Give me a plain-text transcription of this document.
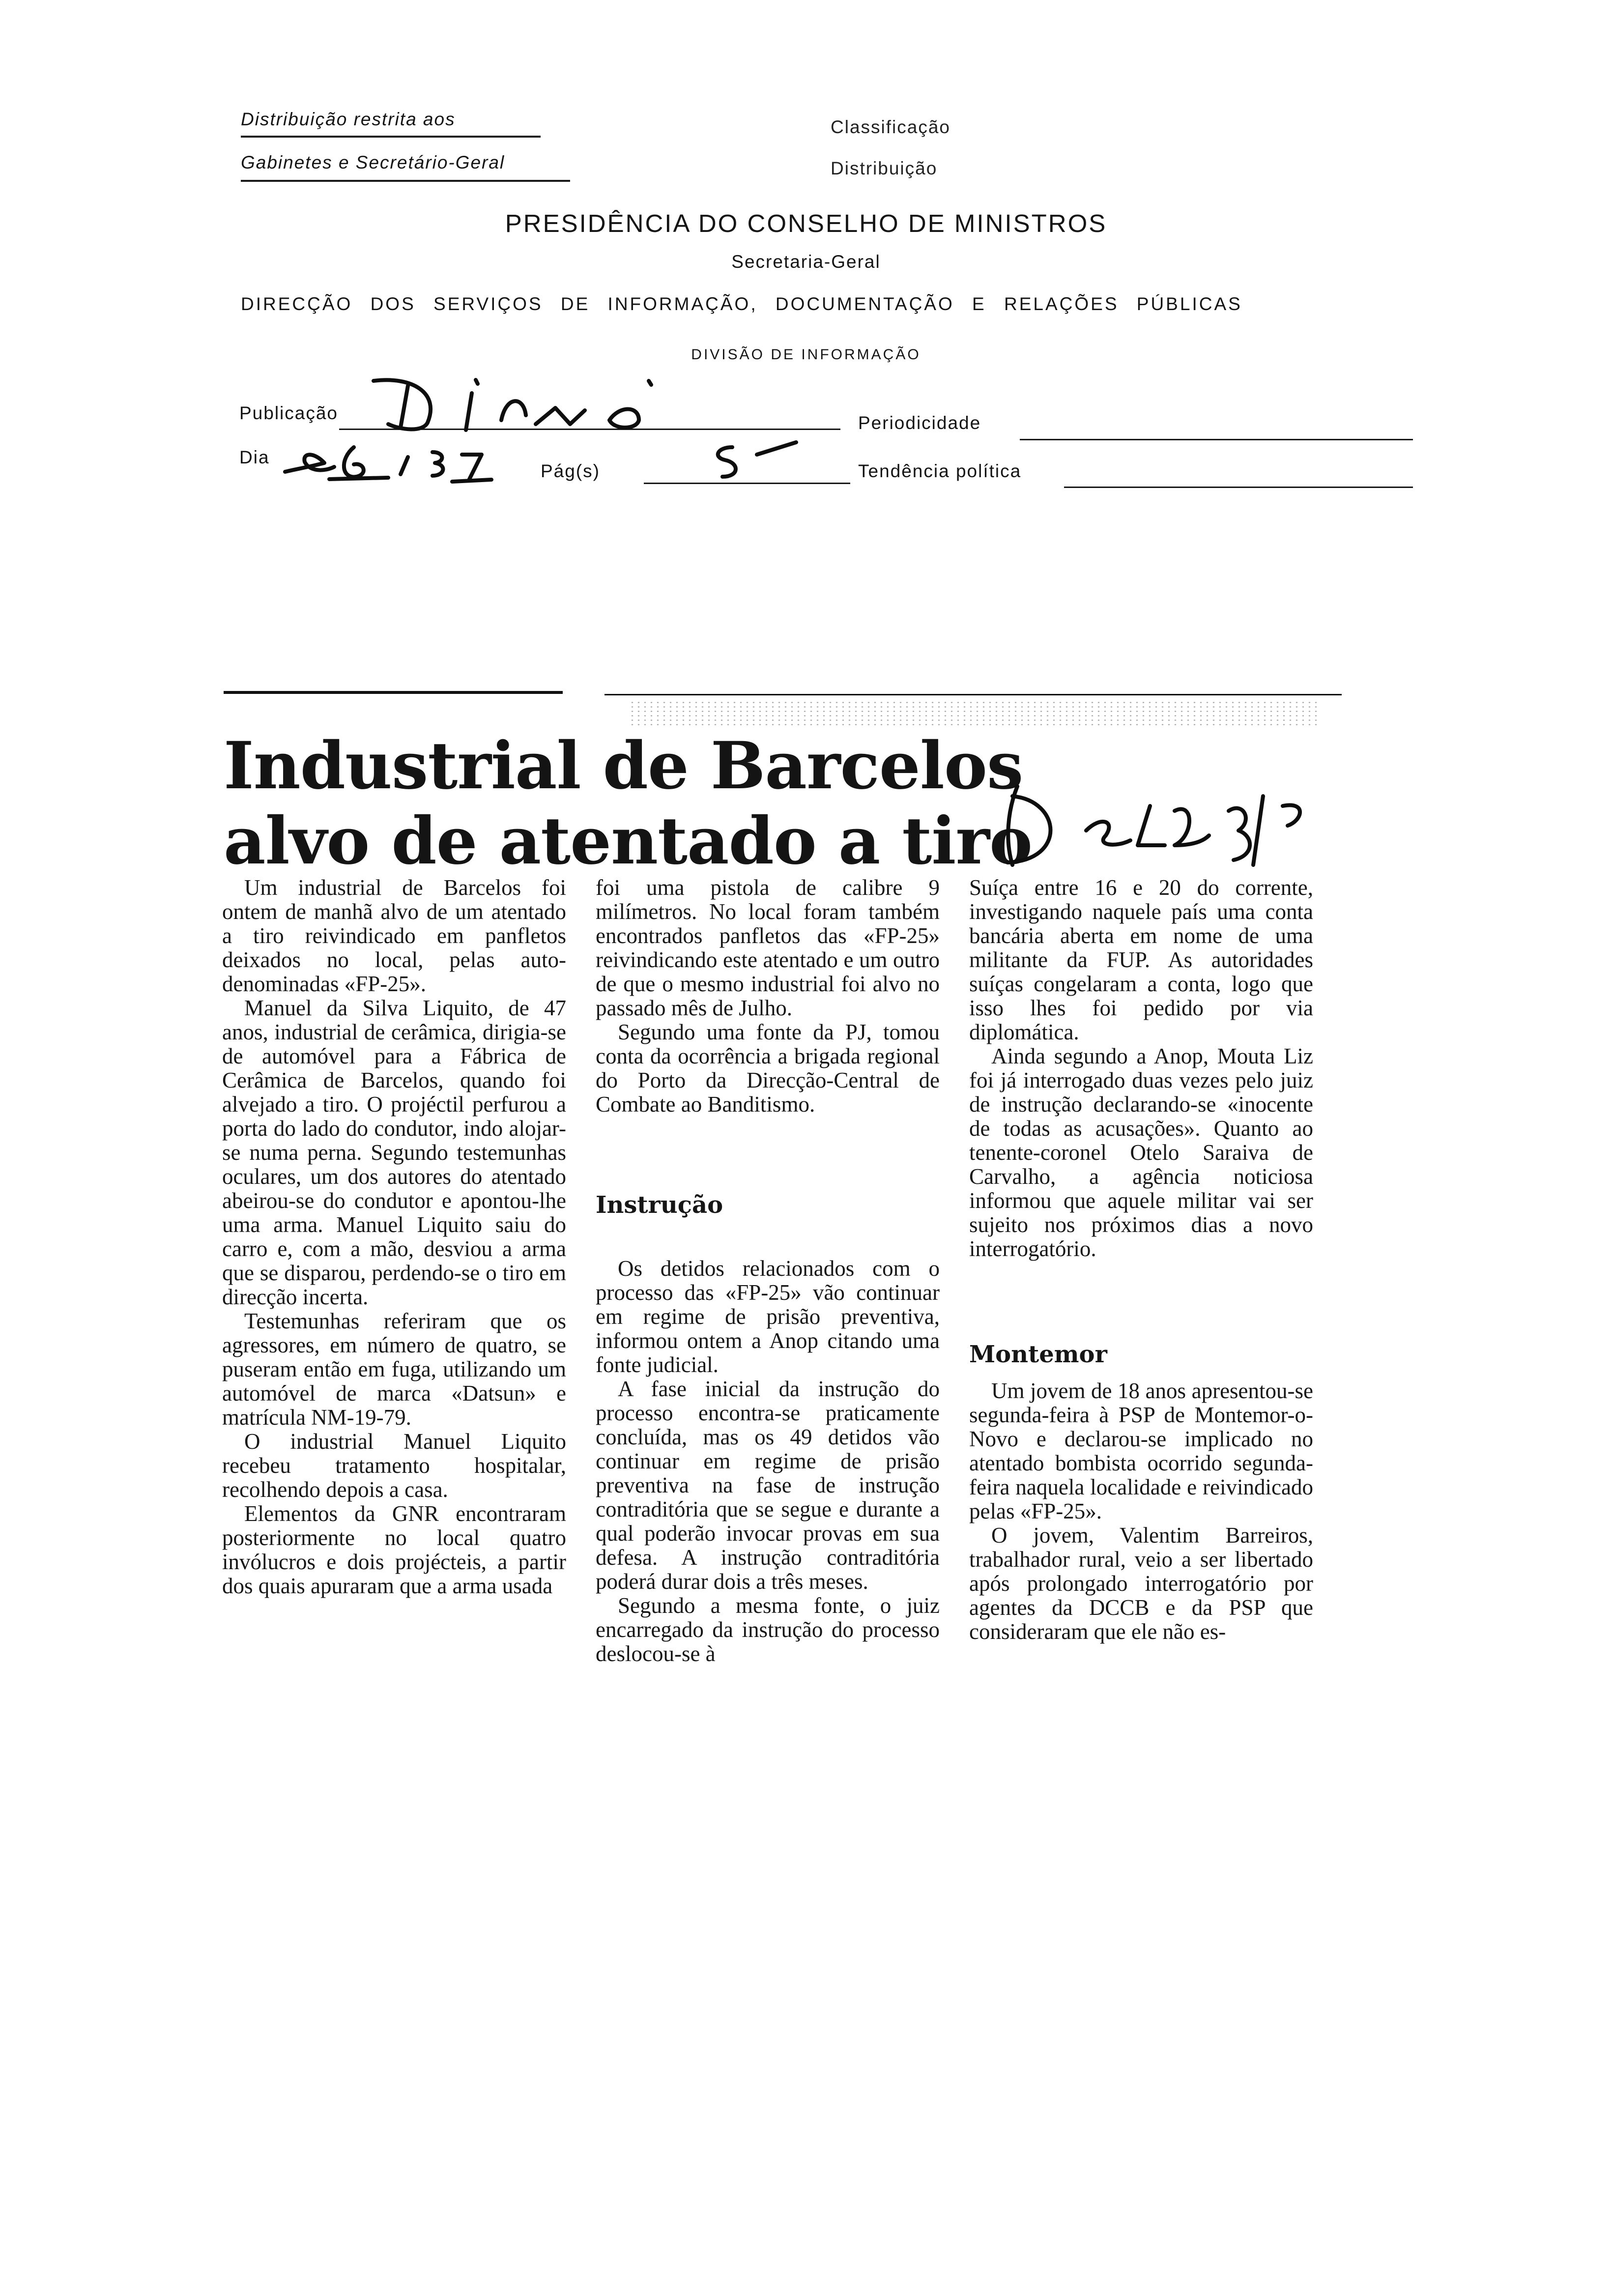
Distribuição restrita aos
Gabinetes e Secretário-Geral
Classificação
Distribuição
PRESIDÊNCIA DO CONSELHO DE MINISTROS
Secretaria-Geral
DIRECÇÃO DOS SERVIÇOS DE INFORMAÇÃO, DOCUMENTAÇÃO E RELAÇÕES PÚBLICAS
DIVISÃO DE INFORMAÇÃO
Publicação	Periodicidade
Dia
Pág(s)	Tendência política
Industrial de Barcelos
alvo de atentado a tiro

Um industrial de Barcelos foi ontem de manhã alvo de um atentado a tiro reivindicado em panfletos deixados no local, pelas auto-denominadas «FP-25».

Manuel da Silva Liquito, de 47 anos, industrial de cerâmica, dirigia-se de automóvel para a Fábrica de Cerâmica de Barcelos, quando foi alvejado a tiro. O projéctil perfurou a porta do lado do condutor, indo alojar-se numa perna. Segundo testemunhas oculares, um dos autores do atentado abeirou-se do condutor e apontou-lhe uma arma. Manuel Liquito saiu do carro e, com a mão, desviou a arma que se disparou, perdendo-se o tiro em direcção incerta.

Testemunhas referiram que os agressores, em número de quatro, se puseram então em fuga, utilizando um automóvel de marca «Datsun» e matrícula NM-19-79.

O industrial Manuel Liquito recebeu tratamento hospitalar, recolhendo depois a casa.

Elementos da GNR encontraram posteriormente no local quatro invólucros e dois projécteis, a partir dos quais apuraram que a arma usada

foi uma pistola de calibre 9 milímetros. No local foram também encontrados panfletos das «FP-25» reivindicando este atentado e um outro de que o mesmo industrial foi alvo no passado mês de Julho.

Segundo uma fonte da PJ, tomou conta da ocorrência a brigada regional do Porto da Direcção-Central de Combate ao Banditismo.

Instrução

Os detidos relacionados com o processo das «FP-25» vão continuar em regime de prisão preventiva, informou ontem a Anop citando uma fonte judicial.

A fase inicial da instrução do processo encontra-se praticamente concluída, mas os 49 detidos vão continuar em regime de prisão preventiva na fase de instrução contraditória que se segue e durante a qual poderão invocar provas em sua defesa. A instrução contraditória poderá durar dois a três meses.

Segundo a mesma fonte, o juiz encarregado da instrução do processo deslocou-se à

Suíça entre 16 e 20 do corrente, investigando naquele país uma conta bancária aberta em nome de uma militante da FUP. As autoridades suíças congelaram a conta, logo que isso lhes foi pedido por via diplomática.

Ainda segundo a Anop, Mouta Liz foi já interrogado duas vezes pelo juiz de instrução declarando-se «inocente de todas as acusações». Quanto ao tenente-coronel Otelo Saraiva de Carvalho, a agência noticiosa informou que aquele militar vai ser sujeito nos próximos dias a novo interrogatório.

Montemor

Um jovem de 18 anos apresentou-se segunda-feira à PSP de Montemor-o-Novo e declarou-se implicado no atentado bombista ocorrido segunda-feira naquela localidade e reivindicado pelas «FP-25».

O jovem, Valentim Barreiros, trabalhador rural, veio a ser libertado após prolongado interrogatório por agentes da DCCB e da PSP que consideraram que ele não es-
